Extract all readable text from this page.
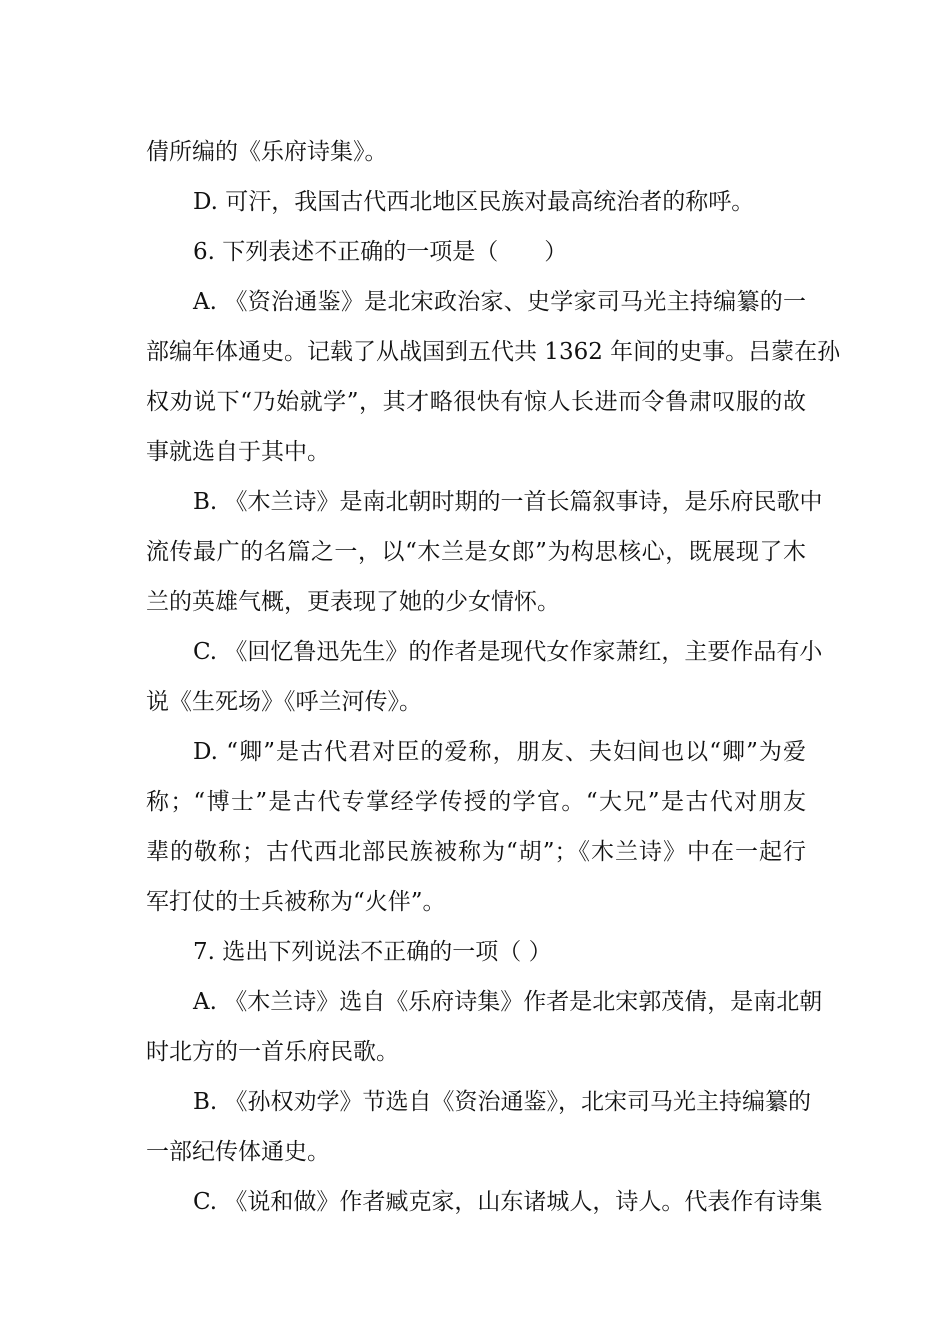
倩所编的《乐府诗集》。
D. 可汗，我国古代西北地区民族对最高统治者的称呼。
6. 下列表述不正确的一项是（　　）
A. 《资治通鉴》是北宋政治家、史学家司马光主持编纂的一
部编年体通史。记载了从战国到五代共 1362 年间的史事。吕蒙在孙
权劝说下“乃始就学”，其才略很快有惊人长进而令鲁肃叹服的故
事就选自于其中。
B. 《木兰诗》是南北朝时期的一首长篇叙事诗，是乐府民歌中
流传最广的名篇之一，以“木兰是女郎”为构思核心，既展现了木
兰的英雄气概，更表现了她的少女情怀。
C. 《回忆鲁迅先生》的作者是现代女作家萧红，主要作品有小
说《生死场》《呼兰河传》。
D. “卿”是古代君对臣的爱称，朋友、夫妇间也以“卿”为爱
称；“博士”是古代专掌经学传授的学官。“大兄”是古代对朋友
辈的敬称；古代西北部民族被称为“胡”；《木兰诗》中在一起行
军打仗的士兵被称为“火伴”。
7. 选出下列说法不正确的一项（ ）
A. 《木兰诗》选自《乐府诗集》作者是北宋郭茂倩，是南北朝
时北方的一首乐府民歌。
B. 《孙权劝学》节选自《资治通鉴》，北宋司马光主持编纂的
一部纪传体通史。
C. 《说和做》作者臧克家，山东诸城人，诗人。代表作有诗集
